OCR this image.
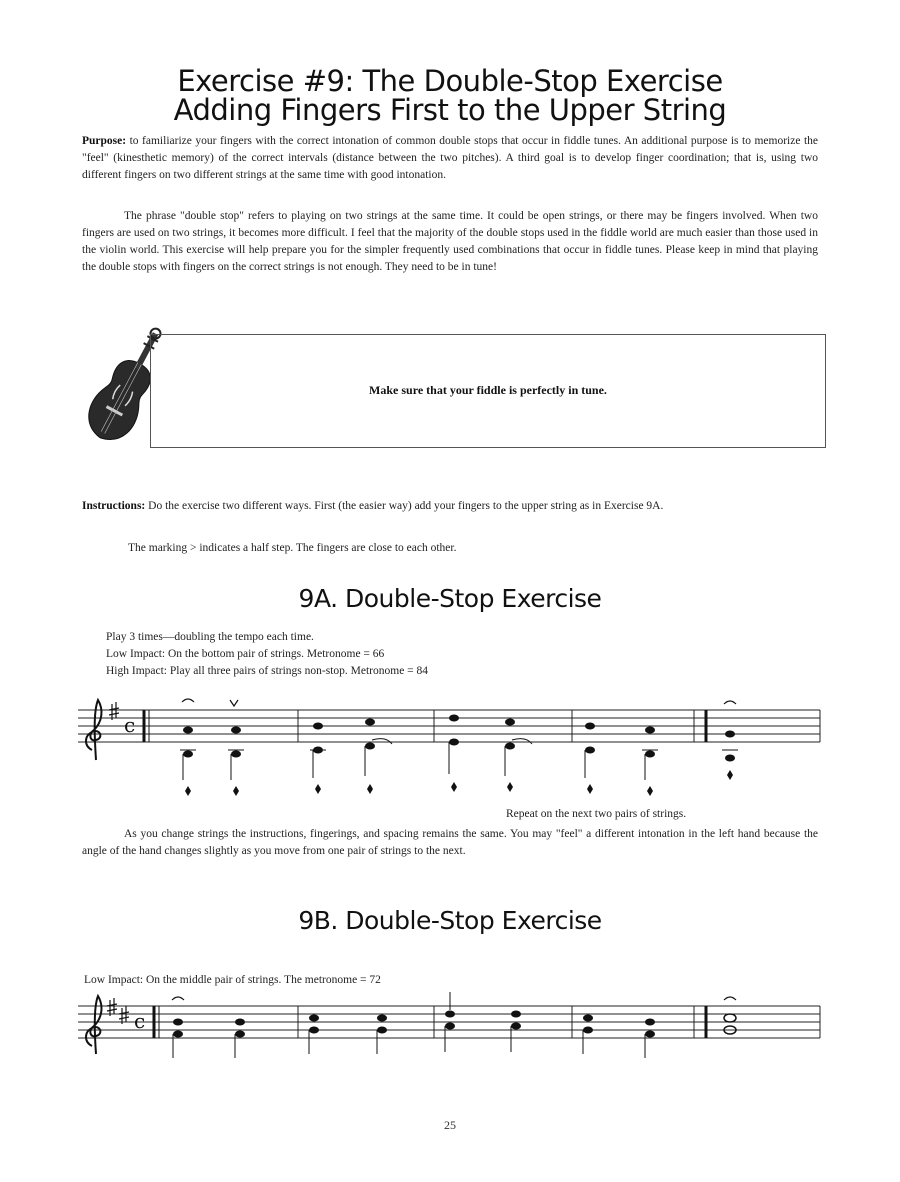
Exercise #9: The Double-Stop Exercise
Adding Fingers First to the Upper String
Purpose: to familiarize your fingers with the correct intonation of common double stops that occur in fiddle tunes. An additional purpose is to memorize the "feel" (kinesthetic memory) of the correct intervals (distance between the two pitches). A third goal is to develop finger coordination; that is, using two different fingers on two different strings at the same time with good intonation.
The phrase "double stop" refers to playing on two strings at the same time. It could be open strings, or there may be fingers involved. When two fingers are used on two strings, it becomes more difficult. I feel that the majority of the double stops used in the fiddle world are much easier than those used in the violin world. This exercise will help prepare you for the simpler frequently used combinations that occur in fiddle tunes. Please keep in mind that playing the double stops with fingers on the correct strings is not enough. They need to be in tune!
Make sure that your fiddle is perfectly in tune.
Instructions: Do the exercise two different ways. First (the easier way) add your fingers to the upper string as in Exercise 9A.
The marking > indicates a half step. The fingers are close to each other.
9A. Double-Stop Exercise
Play 3 times—doubling the tempo each time.
Low Impact: On the bottom pair of strings. Metronome = 66
High Impact: Play all three pairs of strings non-stop. Metronome = 84
c
Repeat on the next two pairs of strings.
As you change strings the instructions, fingerings, and spacing remains the same. You may "feel" a different intonation in the left hand because the angle of the hand changes slightly as you move from one pair of strings to the next.
9B. Double-Stop Exercise
Low Impact: On the middle pair of strings. The metronome = 72
c
25
